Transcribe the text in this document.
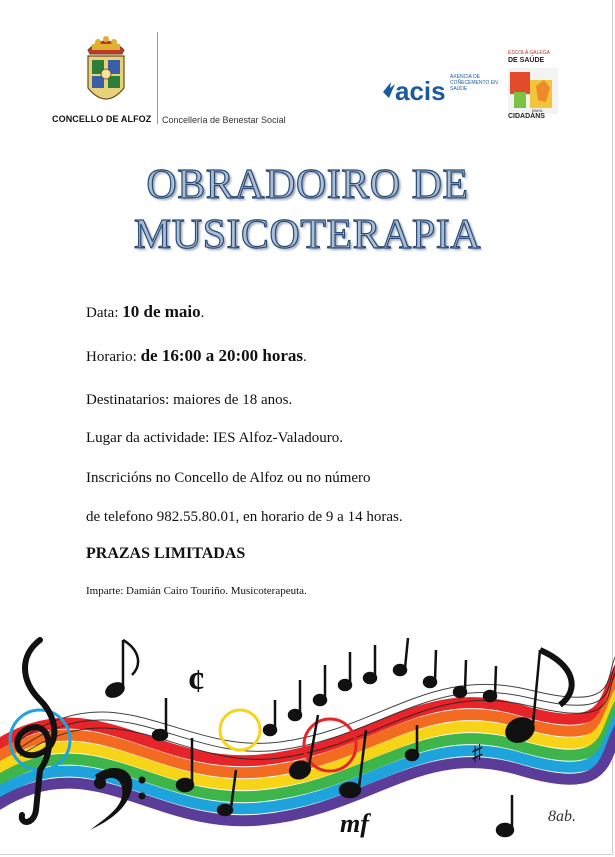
CONCELLO DE ALFOZ Concellería de Benestar Social
acis AXENCIA DE COÑECEMENTO EN SAÚDE
ESCOLA GALEGA
DE SAÚDE
PARA
CIDADÁNS
OBRADOIRO DE
MUSICOTERAPIA
Data: 10 de maio.
Horario: de 16:00 a 20:00 horas.
Destinatarios: maiores de 18 anos.
Lugar da actividade: IES Alfoz-Valadouro.
Inscricións no Concello de Alfoz ou no número
de telefono 982.55.80.01, en horario de 9 a 14 horas.
PRAZAS LIMITADAS
Imparte: Damián Cairo Touriño. Musicoterapeuta.
¢
♯
mf	8ab.
